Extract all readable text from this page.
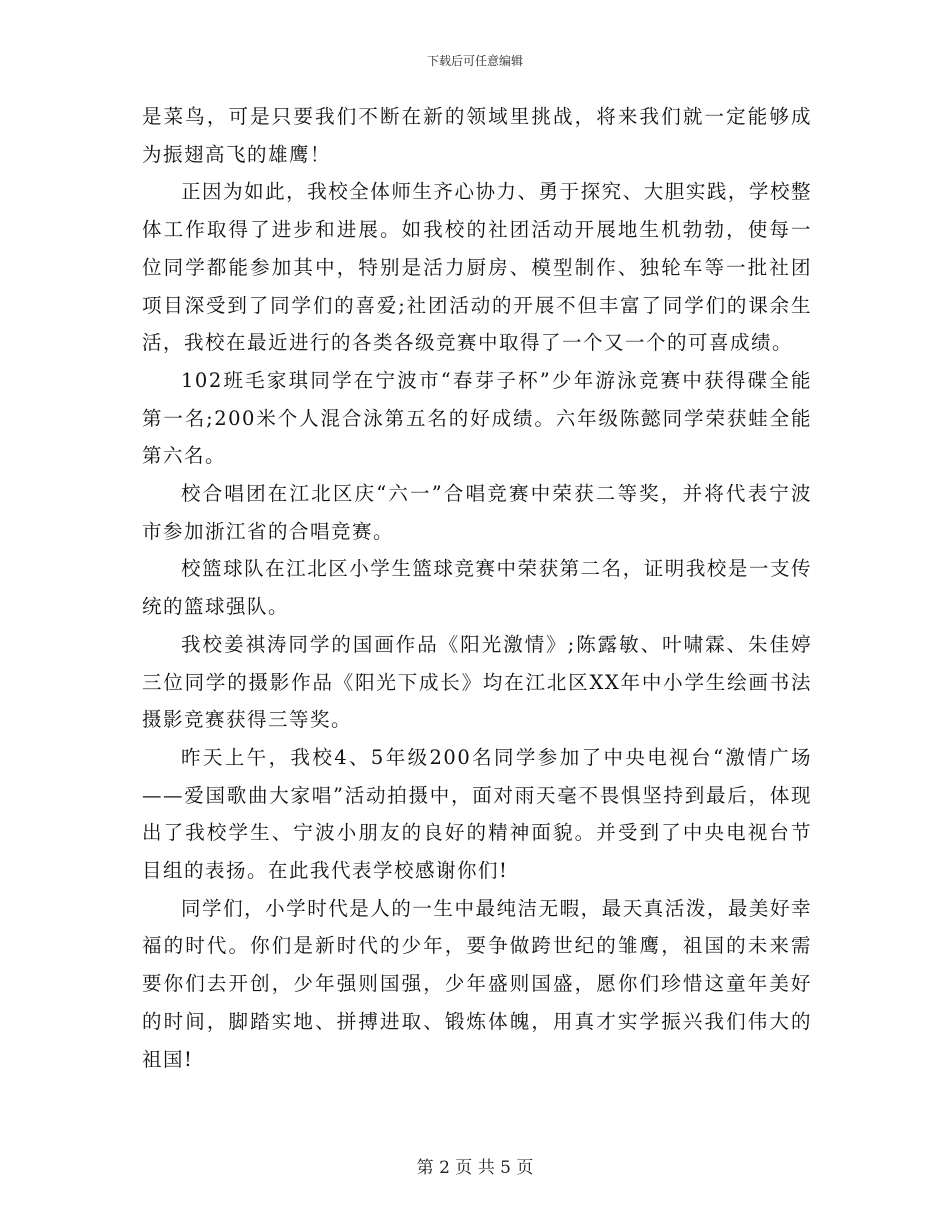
下载后可任意编辑

是菜鸟，可是只要我们不断在新的领域里挑战，将来我们就一定能够成为振翅高飞的雄鹰！

正因为如此，我校全体师生齐心协力、勇于探究、大胆实践，学校整体工作取得了进步和进展。如我校的社团活动开展地生机勃勃，使每一位同学都能参加其中，特别是活力厨房、模型制作、独轮车等一批社团项目深受到了同学们的喜爱;社团活动的开展不但丰富了同学们的课余生活，我校在最近进行的各类各级竞赛中取得了一个又一个的可喜成绩。

102班毛家琪同学在宁波市“春芽子杯”少年游泳竞赛中获得碟全能第一名;200米个人混合泳第五名的好成绩。六年级陈懿同学荣获蛙全能第六名。

校合唱团在江北区庆“六一”合唱竞赛中荣获二等奖，并将代表宁波市参加浙江省的合唱竞赛。

校篮球队在江北区小学生篮球竞赛中荣获第二名，证明我校是一支传统的篮球强队。

我校姜祺涛同学的国画作品《阳光激情》;陈露敏、叶啸霖、朱佳婷三位同学的摄影作品《阳光下成长》均在江北区XX年中小学生绘画书法摄影竞赛获得三等奖。

昨天上午，我校4、5年级200名同学参加了中央电视台“激情广场——爱国歌曲大家唱”活动拍摄中，面对雨天毫不畏惧坚持到最后，体现出了我校学生、宁波小朋友的良好的精神面貌。并受到了中央电视台节目组的表扬。在此我代表学校感谢你们!

同学们，小学时代是人的一生中最纯洁无暇，最天真活泼，最美好幸福的时代。你们是新时代的少年，要争做跨世纪的雏鹰，祖国的未来需要你们去开创，少年强则国强，少年盛则国盛，愿你们珍惜这童年美好的时间，脚踏实地、拼搏进取、锻炼体魄，用真才实学振兴我们伟大的祖国!

第 2 页 共 5 页
